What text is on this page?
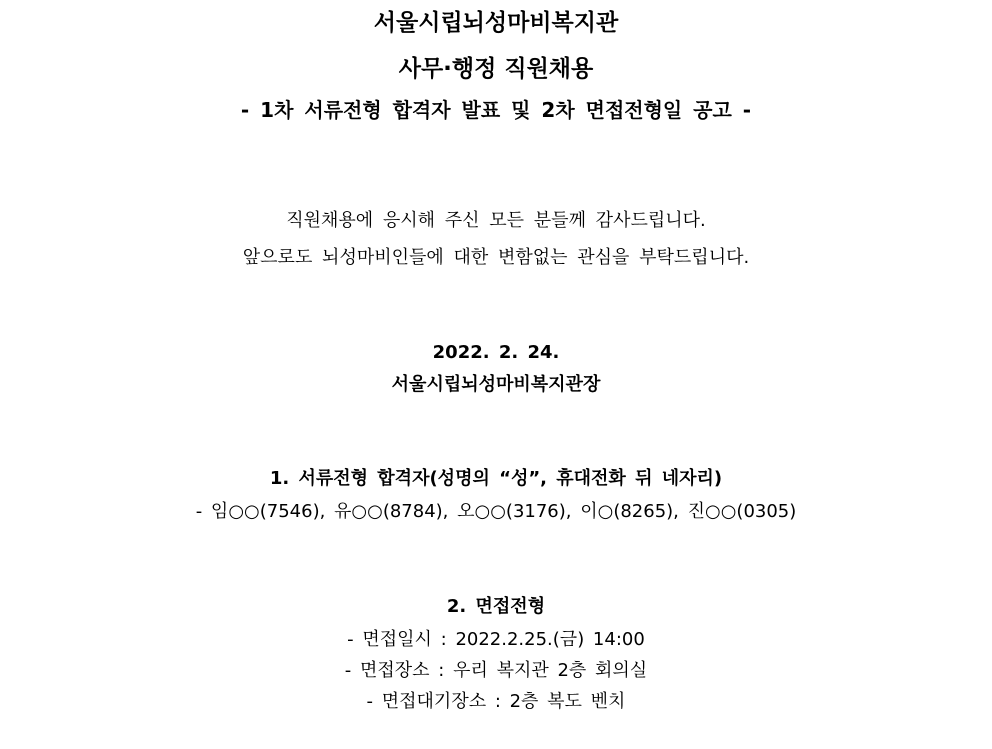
서울시립뇌성마비복지관
사무·행정 직원채용
- 1차 서류전형 합격자 발표 및 2차 면접전형일 공고 -
직원채용에 응시해 주신 모든 분들께 감사드립니다.
앞으로도 뇌성마비인들에 대한 변함없는 관심을 부탁드립니다.
2022. 2. 24.
서울시립뇌성마비복지관장
1. 서류전형 합격자(성명의 “성”, 휴대전화 뒤 네자리)
- 임○○(7546), 유○○(8784), 오○○(3176), 이○(8265), 진○○(0305)
2. 면접전형
- 면접일시 : 2022.2.25.(금) 14:00
- 면접장소 : 우리 복지관 2층 회의실
- 면접대기장소 : 2층 복도 벤치
